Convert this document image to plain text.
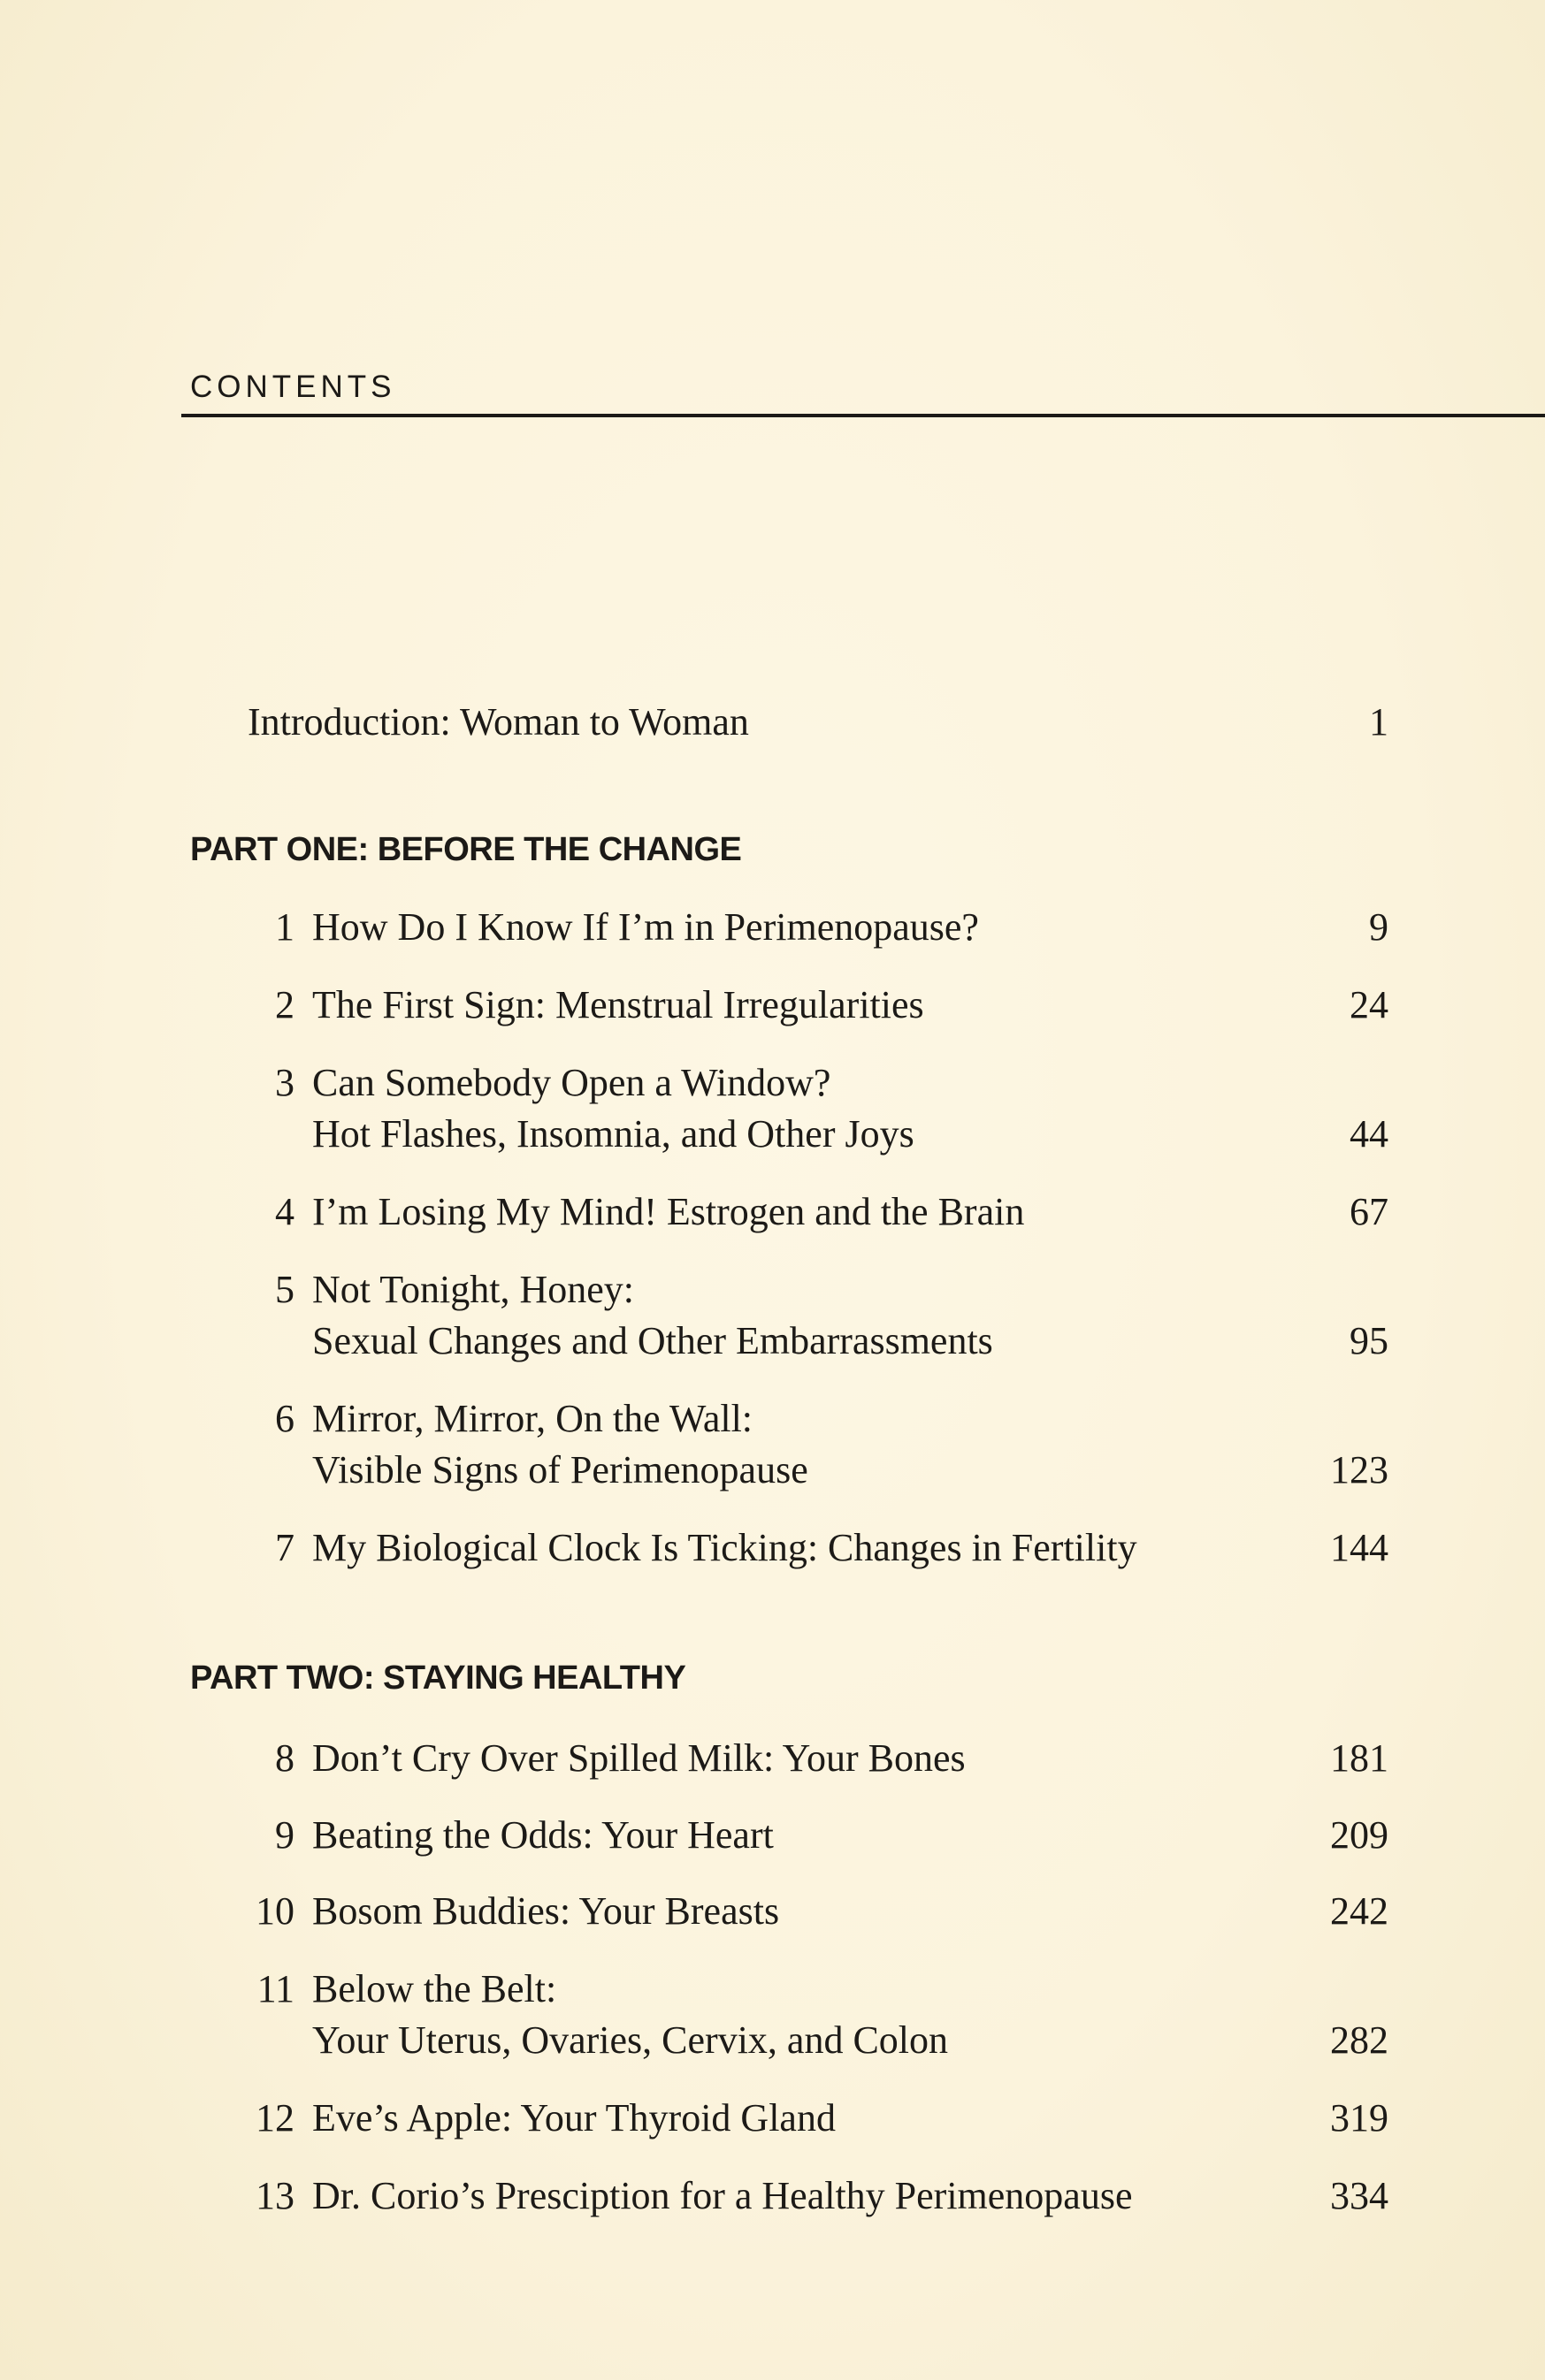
CONTENTS
Introduction: Woman to Woman	1
PART ONE: BEFORE THE CHANGE
1 How Do I Know If I’m in Perimenopause?	9
2 The First Sign: Menstrual Irregularities	24
3 Can Somebody Open a Window?
Hot Flashes, Insomnia, and Other Joys	44
4 I’m Losing My Mind! Estrogen and the Brain	67
5 Not Tonight, Honey:
Sexual Changes and Other Embarrassments	95
6 Mirror, Mirror, On the Wall:
Visible Signs of Perimenopause	123
7 My Biological Clock Is Ticking: Changes in Fertility	144
PART TWO: STAYING HEALTHY
8 Don’t Cry Over Spilled Milk: Your Bones	181
9 Beating the Odds: Your Heart	209
10 Bosom Buddies: Your Breasts	242
11 Below the Belt:
Your Uterus, Ovaries, Cervix, and Colon	282
12 Eve’s Apple: Your Thyroid Gland	319
13 Dr. Corio’s Presciption for a Healthy Perimenopause	334
